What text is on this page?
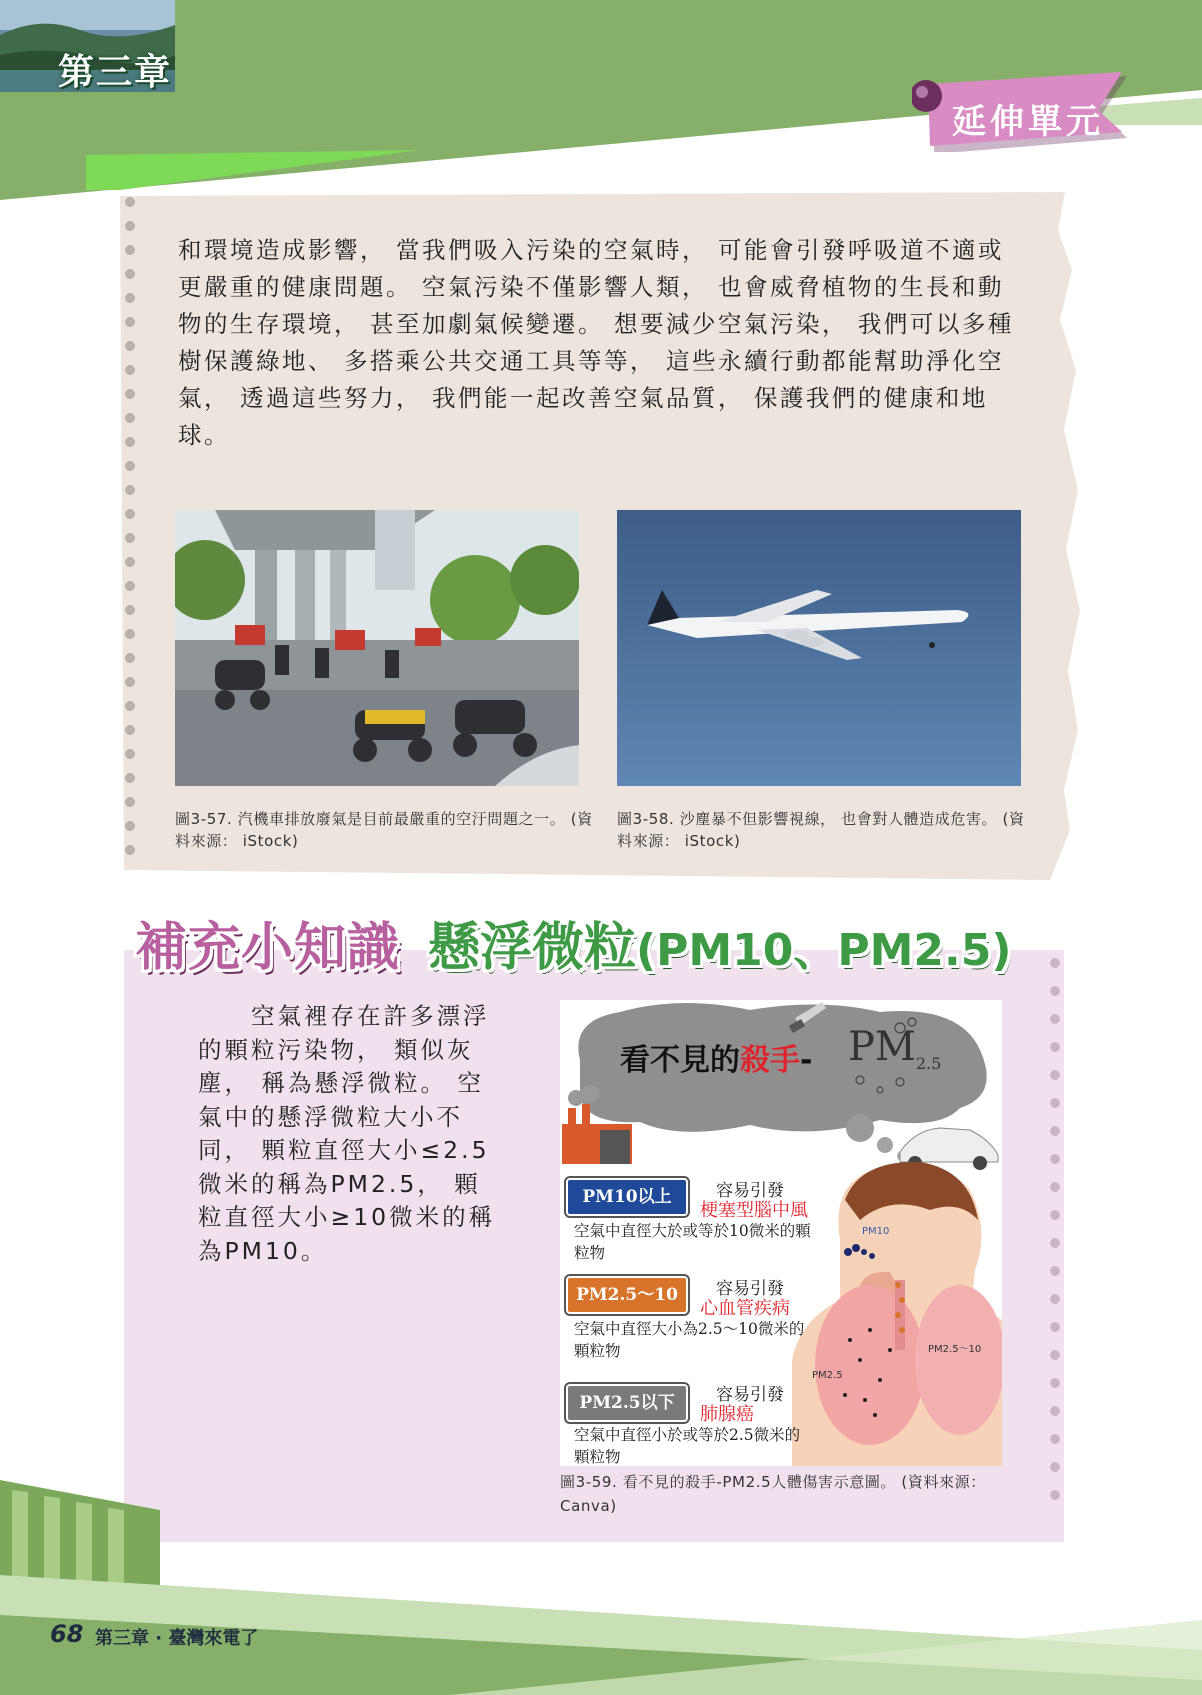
第三章
延伸單元
和環境造成影響， 當我們吸入污染的空氣時， 可能會引發呼吸道不適或更嚴重的健康問題。 空氣污染不僅影響人類， 也會威脅植物的生長和動物的生存環境， 甚至加劇氣候變遷。 想要減少空氣污染， 我們可以多種樹保護綠地、 多搭乘公共交通工具等等， 這些永續行動都能幫助淨化空氣， 透過這些努力， 我們能一起改善空氣品質， 保護我們的健康和地球。
圖3-57. 汽機車排放廢氣是目前最嚴重的空汙問題之一。 (資料來源： iStock)
圖3-58. 沙塵暴不但影響視線， 也會對人體造成危害。 (資料來源： iStock)
補充小知識 懸浮微粒(PM10、PM2.5)
　　空氣裡存在許多漂浮的顆粒污染物， 類似灰塵， 稱為懸浮微粒。 空氣中的懸浮微粒大小不同， 顆粒直徑大小≤2.5微米的稱為PM2.5， 顆粒直徑大小≥10微米的稱為PM10。
看不見的殺手- $PM_{2.5}$
PM10以上	容易引發
梗塞型腦中風
空氣中直徑大於或等於10微米的顆粒物
PM2.5～10	容易引發
心血管疾病
空氣中直徑大小為2.5～10微米的顆粒物
PM2.5以下	容易引發
肺腺癌
空氣中直徑小於或等於2.5微米的顆粒物
PM10
PM2.5～10
PM2.5
圖3-59. 看不見的殺手-PM2.5人體傷害示意圖。 (資料來源： Canva)
68 第三章 · 臺灣來電了
